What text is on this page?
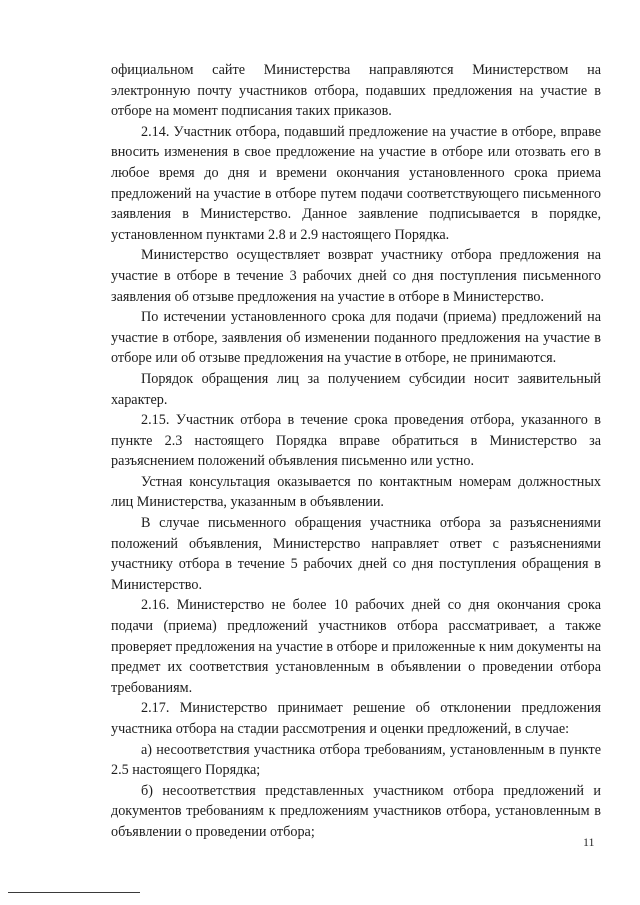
официальном сайте Министерства направляются Министерством на электронную почту участников отбора, подавших предложения на участие в отборе на момент подписания таких приказов.

2.14. Участник отбора, подавший предложение на участие в отборе, вправе вносить изменения в свое предложение на участие в отборе или отозвать его в любое время до дня и времени окончания установленного срока приема предложений на участие в отборе путем подачи соответствующего письменного заявления в Министерство. Данное заявление подписывается в порядке, установленном пунктами 2.8 и 2.9 настоящего Порядка.

Министерство осуществляет возврат участнику отбора предложения на участие в отборе в течение 3 рабочих дней со дня поступления письменного заявления об отзыве предложения на участие в отборе в Министерство.

По истечении установленного срока для подачи (приема) предложений на участие в отборе, заявления об изменении поданного предложения на участие в отборе или об отзыве предложения на участие в отборе, не принимаются.

Порядок обращения лиц за получением субсидии носит заявительный характер.

2.15. Участник отбора в течение срока проведения отбора, указанного в пункте 2.3 настоящего Порядка вправе обратиться в Министерство за разъяснением положений объявления письменно или устно.

Устная консультация оказывается по контактным номерам должностных лиц Министерства, указанным в объявлении.

В случае письменного обращения участника отбора за разъяснениями положений объявления, Министерство направляет ответ с разъяснениями участнику отбора в течение 5 рабочих дней со дня поступления обращения в Министерство.

2.16. Министерство не более 10 рабочих дней со дня окончания срока подачи (приема) предложений участников отбора рассматривает, а также проверяет предложения на участие в отборе и приложенные к ним документы на предмет их соответствия установленным в объявлении о проведении отбора требованиям.

2.17. Министерство принимает решение об отклонении предложения участника отбора на стадии рассмотрения и оценки предложений, в случае:

а) несоответствия участника отбора требованиям, установленным в пункте 2.5 настоящего Порядка;

б) несоответствия представленных участником отбора предложений и документов требованиям к предложениям участников отбора, установленным в объявлении о проведении отбора;

11
